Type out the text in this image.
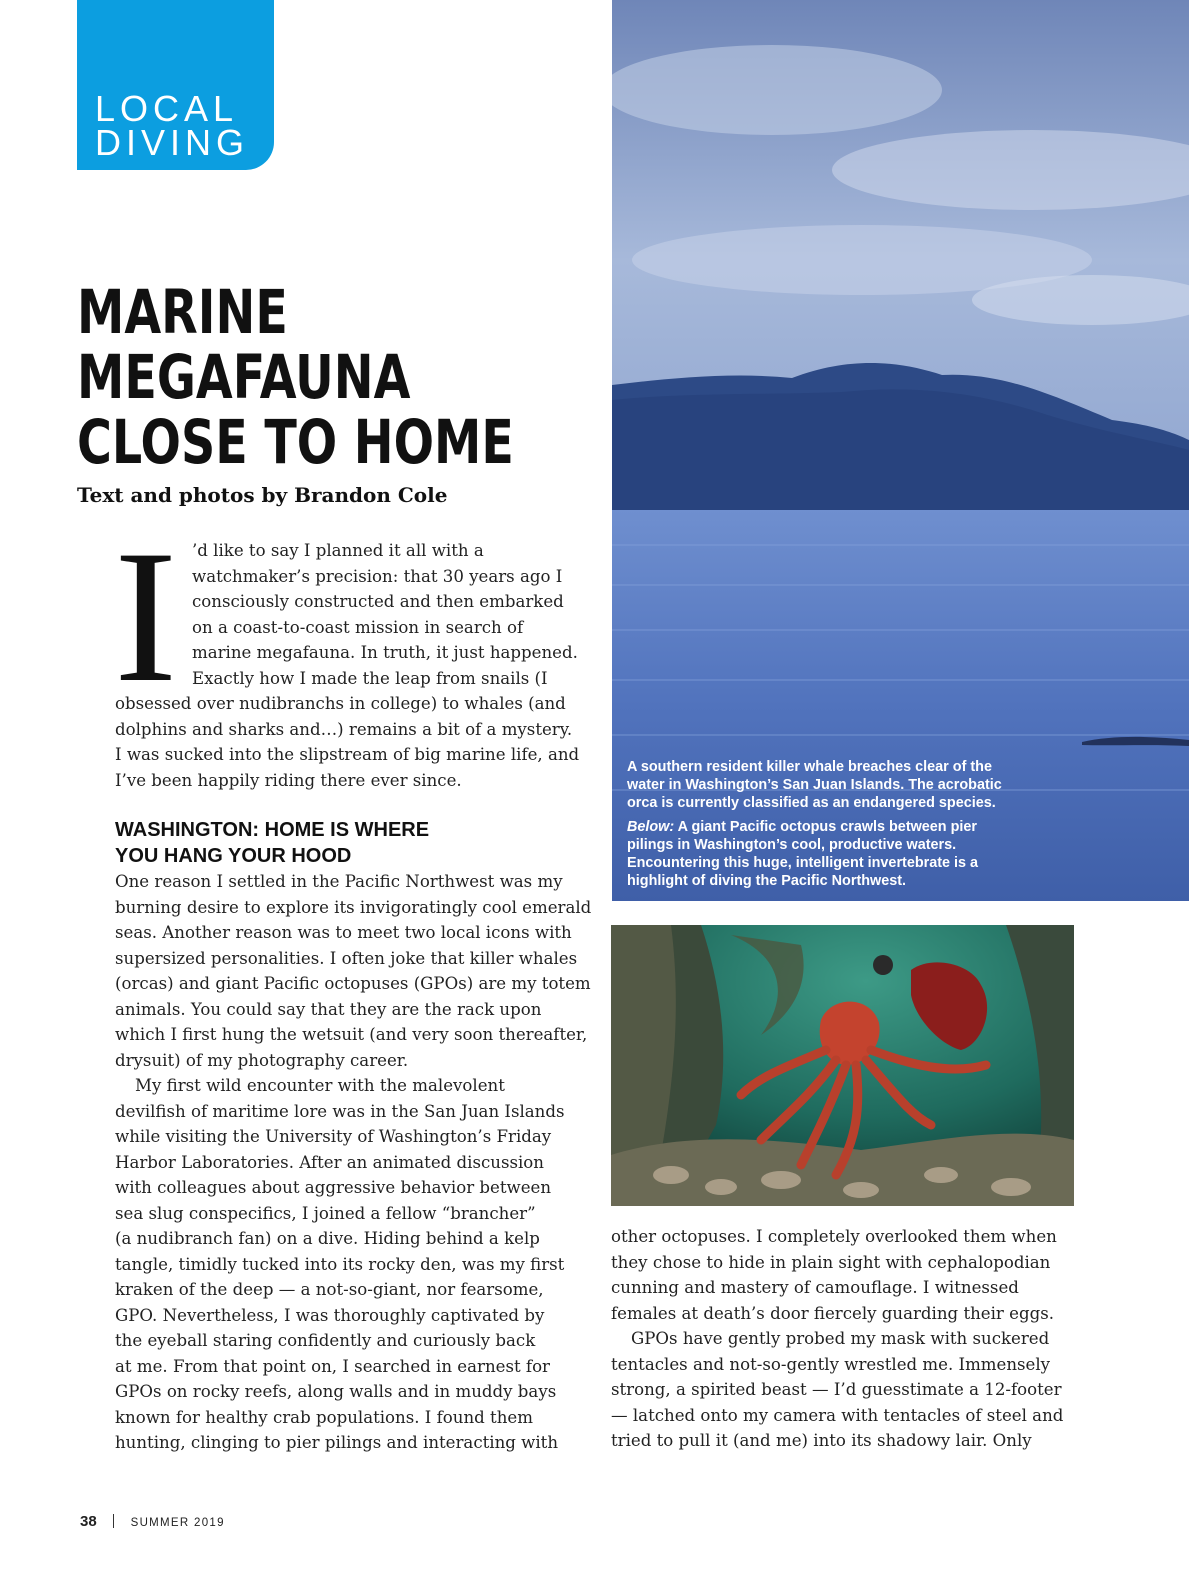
LOCAL
DIVING
MARINE
MEGAFAUNA
CLOSE TO HOME
Text and photos by Brandon Cole
I ’d like to say I planned it all with a
watchmaker’s precision: that 30 years ago I
consciously constructed and then embarked
on a coast-to-coast mission in search of
marine megafauna. In truth, it just happened.
Exactly how I made the leap from snails (I
obsessed over nudibranchs in college) to whales (and
dolphins and sharks and…) remains a bit of a mystery.
I was sucked into the slipstream of big marine life, and
I’ve been happily riding there ever since.
WASHINGTON: HOME IS WHERE
YOU HANG YOUR HOOD
One reason I settled in the Pacific Northwest was my
burning desire to explore its invigoratingly cool emerald
seas. Another reason was to meet two local icons with
supersized personalities. I often joke that killer whales
(orcas) and giant Pacific octopuses (GPOs) are my totem
animals. You could say that they are the rack upon
which I first hung the wetsuit (and very soon thereafter,
drysuit) of my photography career.
My first wild encounter with the malevolent
devilfish of maritime lore was in the San Juan Islands
while visiting the University of Washington’s Friday
Harbor Laboratories. After an animated discussion
with colleagues about aggressive behavior between
sea slug conspecifics, I joined a fellow “brancher”
(a nudibranch fan) on a dive. Hiding behind a kelp
tangle, timidly tucked into its rocky den, was my first
kraken of the deep — a not-so-giant, nor fearsome,
GPO. Nevertheless, I was thoroughly captivated by
the eyeball staring confidently and curiously back
at me. From that point on, I searched in earnest for
GPOs on rocky reefs, along walls and in muddy bays
known for healthy crab populations. I found them
hunting, clinging to pier pilings and interacting with
A southern resident killer whale breaches clear of the
water in Washington’s San Juan Islands. The acrobatic
orca is currently classified as an endangered species.
Below: A giant Pacific octopus crawls between pier
pilings in Washington’s cool, productive waters.
Encountering this huge, intelligent invertebrate is a
highlight of diving the Pacific Northwest.
other octopuses. I completely overlooked them when
they chose to hide in plain sight with cephalopodian
cunning and mastery of camouflage. I witnessed
females at death’s door fiercely guarding their eggs.
GPOs have gently probed my mask with suckered
tentacles and not-so-gently wrestled me. Immensely
strong, a spirited beast — I’d guesstimate a 12-footer
— latched onto my camera with tentacles of steel and
tried to pull it (and me) into its shadowy lair. Only
38	SUMMER 2019
